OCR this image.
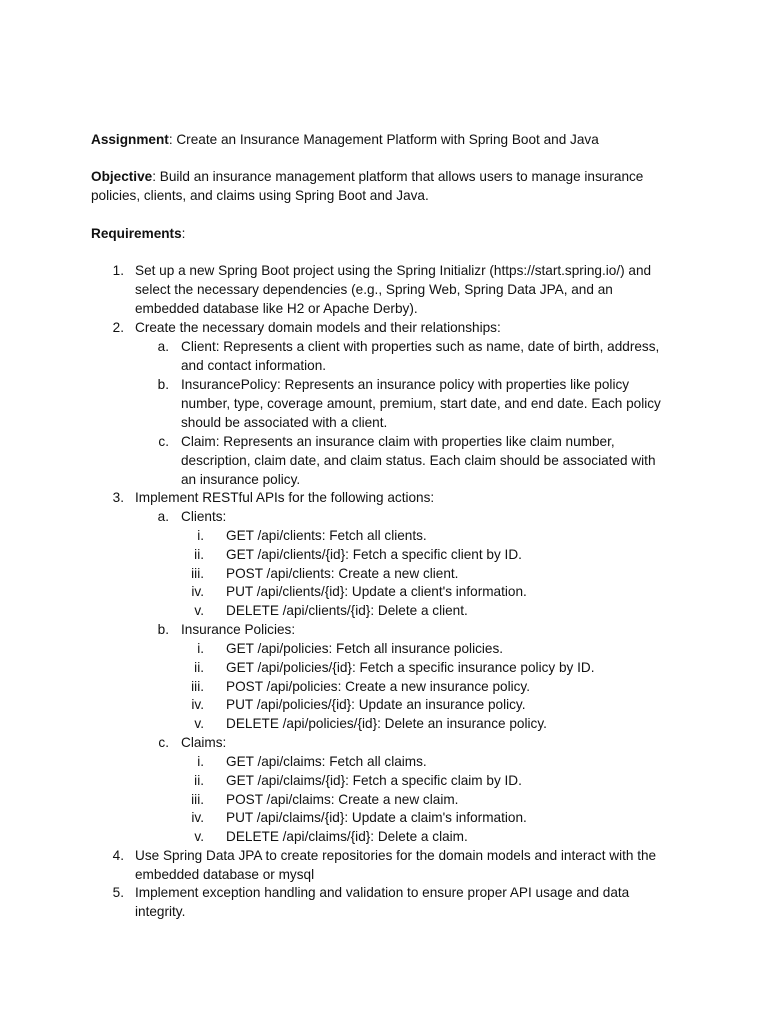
Assignment: Create an Insurance Management Platform with Spring Boot and Java
Objective: Build an insurance management platform that allows users to manage insurance
policies, clients, and claims using Spring Boot and Java.
Requirements:
1. Set up a new Spring Boot project using the Spring Initializr (https://start.spring.io/) and
select the necessary dependencies (e.g., Spring Web, Spring Data JPA, and an
embedded database like H2 or Apache Derby).
2. Create the necessary domain models and their relationships:
a. Client: Represents a client with properties such as name, date of birth, address,
and contact information.
b. InsurancePolicy: Represents an insurance policy with properties like policy
number, type, coverage amount, premium, start date, and end date. Each policy
should be associated with a client.
c. Claim: Represents an insurance claim with properties like claim number,
description, claim date, and claim status. Each claim should be associated with
an insurance policy.
3. Implement RESTful APIs for the following actions:
a. Clients:
i. GET /api/clients: Fetch all clients.
ii. GET /api/clients/{id}: Fetch a specific client by ID.
iii. POST /api/clients: Create a new client.
iv. PUT /api/clients/{id}: Update a client's information.
v. DELETE /api/clients/{id}: Delete a client.
b. Insurance Policies:
i. GET /api/policies: Fetch all insurance policies.
ii. GET /api/policies/{id}: Fetch a specific insurance policy by ID.
iii. POST /api/policies: Create a new insurance policy.
iv. PUT /api/policies/{id}: Update an insurance policy.
v. DELETE /api/policies/{id}: Delete an insurance policy.
c. Claims:
i. GET /api/claims: Fetch all claims.
ii. GET /api/claims/{id}: Fetch a specific claim by ID.
iii. POST /api/claims: Create a new claim.
iv. PUT /api/claims/{id}: Update a claim's information.
v. DELETE /api/claims/{id}: Delete a claim.
4. Use Spring Data JPA to create repositories for the domain models and interact with the
embedded database or mysql
5. Implement exception handling and validation to ensure proper API usage and data
integrity.
